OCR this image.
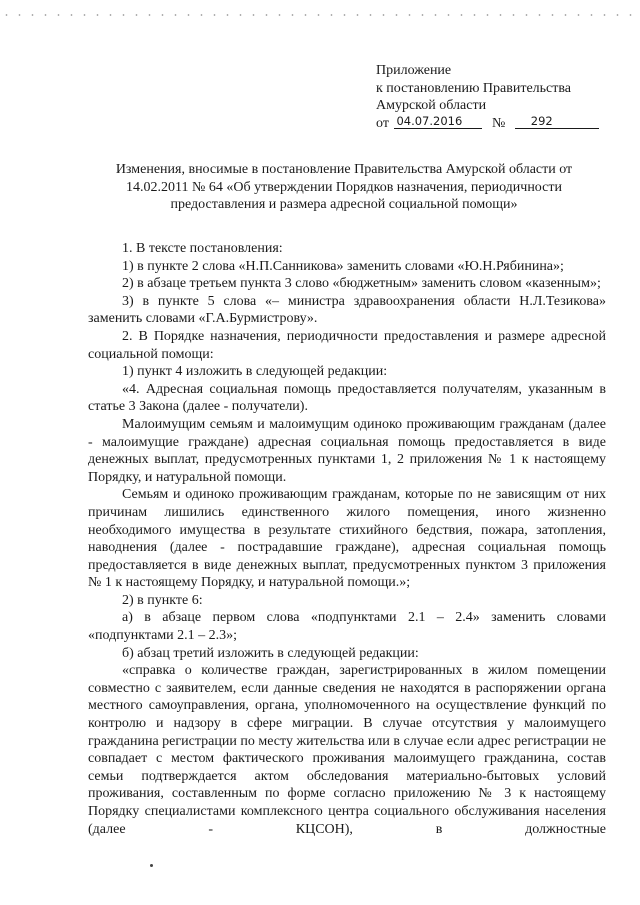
Приложение
к постановлению Правительства
Амурской области
от 04.07.2016 № 292
Изменения, вносимые в постановление Правительства Амурской области от 14.02.2011 № 64 «Об утверждении Порядков назначения, периодичности предоставления и размера адресной социальной помощи»

1. В тексте постановления:

1) в пункте 2 слова «Н.П.Санникова» заменить словами «Ю.Н.Рябинина»;

2) в абзаце третьем пункта 3 слово «бюджетным» заменить словом «казенным»;

3) в пункте 5 слова «– министра здравоохранения области Н.Л.Тезикова» заменить словами «Г.А.Бурмистрову».

2. В Порядке назначения, периодичности предоставления и размере адресной социальной помощи:

1) пункт 4 изложить в следующей редакции:

«4. Адресная социальная помощь предоставляется получателям, указанным в статье 3 Закона (далее - получатели).

Малоимущим семьям и малоимущим одиноко проживающим гражданам (далее - малоимущие граждане) адресная социальная помощь предоставляется в виде денежных выплат, предусмотренных пунктами 1, 2 приложения № 1 к настоящему Порядку, и натуральной помощи.

Семьям и одиноко проживающим гражданам, которые по не зависящим от них причинам лишились единственного жилого помещения, иного жизненно необходимого имущества в результате стихийного бедствия, пожара, затопления, наводнения (далее - пострадавшие граждане), адресная социальная помощь предоставляется в виде денежных выплат, предусмотренных пунктом 3 приложения № 1 к настоящему Порядку, и натуральной помощи.»;

2) в пункте 6:

а) в абзаце первом слова «подпунктами 2.1 – 2.4» заменить словами «подпунктами 2.1 – 2.3»;

б) абзац третий изложить в следующей редакции:

«справка о количестве граждан, зарегистрированных в жилом помещении совместно с заявителем, если данные сведения не находятся в распоряжении органа местного самоуправления, органа, уполномоченного на осуществление функций по контролю и надзору в сфере миграции. В случае отсутствия у малоимущего гражданина регистрации по месту жительства или в случае если адрес регистрации не совпадает с местом фактического проживания малоимущего гражданина, состав семьи подтверждается актом обследования материально-бытовых условий проживания, составленным по форме согласно приложению № 3 к настоящему Порядку специалистами комплексного центра социального обслуживания населения (далее - КЦСОН), в должностные
